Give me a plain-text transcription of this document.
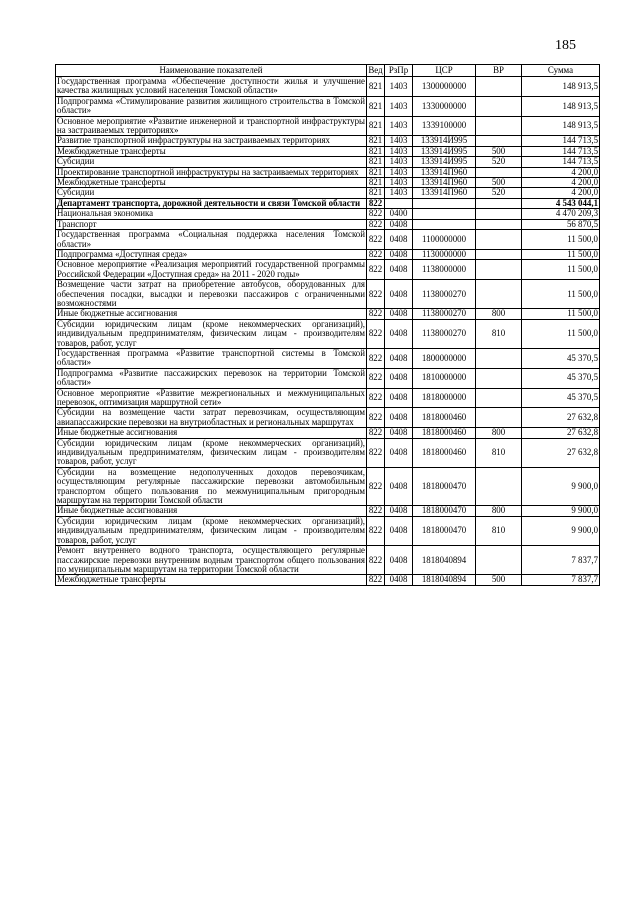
185
Наименование показателей	Вед	РзПр	ЦСР	ВР	Сумма
Государственная программа «Обеспечение доступности жилья и улучшение качества жилищных условий населения Томской области»	821	1403	1300000000		148 913,5
Подпрограмма «Стимулирование развития жилищного строительства в Томской области»	821	1403	1330000000		148 913,5
Основное мероприятие «Развитие инженерной и транспортной инфраструктуры на застраиваемых территориях»	821	1403	1339100000		148 913,5
Развитие транспортной инфраструктуры на застраиваемых территориях	821	1403	133914И995		144 713,5
Межбюджетные трансферты	821	1403	133914И995	500	144 713,5
Субсидии	821	1403	133914И995	520	144 713,5
Проектирование транспортной инфраструктуры на застраиваемых территориях	821	1403	133914П960		4 200,0
Межбюджетные трансферты	821	1403	133914П960	500	4 200,0
Субсидии	821	1403	133914П960	520	4 200,0
Департамент транспорта, дорожной деятельности и связи Томской области	822				4 543 044,1
Национальная экономика	822	0400			4 470 209,3
Транспорт	822	0408			56 870,5
Государственная программа «Социальная поддержка населения Томской области»	822	0408	1100000000		11 500,0
Подпрограмма «Доступная среда»	822	0408	1130000000		11 500,0
Основное мероприятие «Реализация мероприятий государственной программы Российской Федерации «Доступная среда» на 2011 - 2020 годы»	822	0408	1138000000		11 500,0
Возмещение части затрат на приобретение автобусов, оборудованных для обеспечения посадки, высадки и перевозки пассажиров с ограниченными возможностями	822	0408	1138000270		11 500,0
Иные бюджетные ассигнования	822	0408	1138000270	800	11 500,0
Субсидии юридическим лицам (кроме некоммерческих организаций), индивидуальным предпринимателям, физическим лицам - производителям товаров, работ, услуг	822	0408	1138000270	810	11 500,0
Государственная программа «Развитие транспортной системы в Томской области»	822	0408	1800000000		45 370,5
Подпрограмма «Развитие пассажирских перевозок на территории Томской области»	822	0408	1810000000		45 370,5
Основное мероприятие «Развитие межрегиональных и межмуниципальных перевозок, оптимизация маршрутной сети»	822	0408	1818000000		45 370,5
Субсидии на возмещение части затрат перевозчикам, осуществляющим авиапассажирские перевозки на внутриобластных и региональных маршрутах	822	0408	1818000460		27 632,8
Иные бюджетные ассигнования	822	0408	1818000460	800	27 632,8
Субсидии юридическим лицам (кроме некоммерческих организаций), индивидуальным предпринимателям, физическим лицам - производителям товаров, работ, услуг	822	0408	1818000460	810	27 632,8
Субсидии на возмещение недополученных доходов перевозчикам, осуществляющим регулярные пассажирские перевозки автомобильным транспортом общего пользования по межмуниципальным пригородным маршрутам на территории Томской области	822	0408	1818000470		9 900,0
Иные бюджетные ассигнования	822	0408	1818000470	800	9 900,0
Субсидии юридическим лицам (кроме некоммерческих организаций), индивидуальным предпринимателям, физическим лицам - производителям товаров, работ, услуг	822	0408	1818000470	810	9 900,0
Ремонт внутреннего водного транспорта, осуществляющего регулярные пассажирские перевозки внутренним водным транспортом общего пользования по муниципальным маршрутам на территории Томской области	822	0408	1818040894		7 837,7
Межбюджетные трансферты	822	0408	1818040894	500	7 837,7
